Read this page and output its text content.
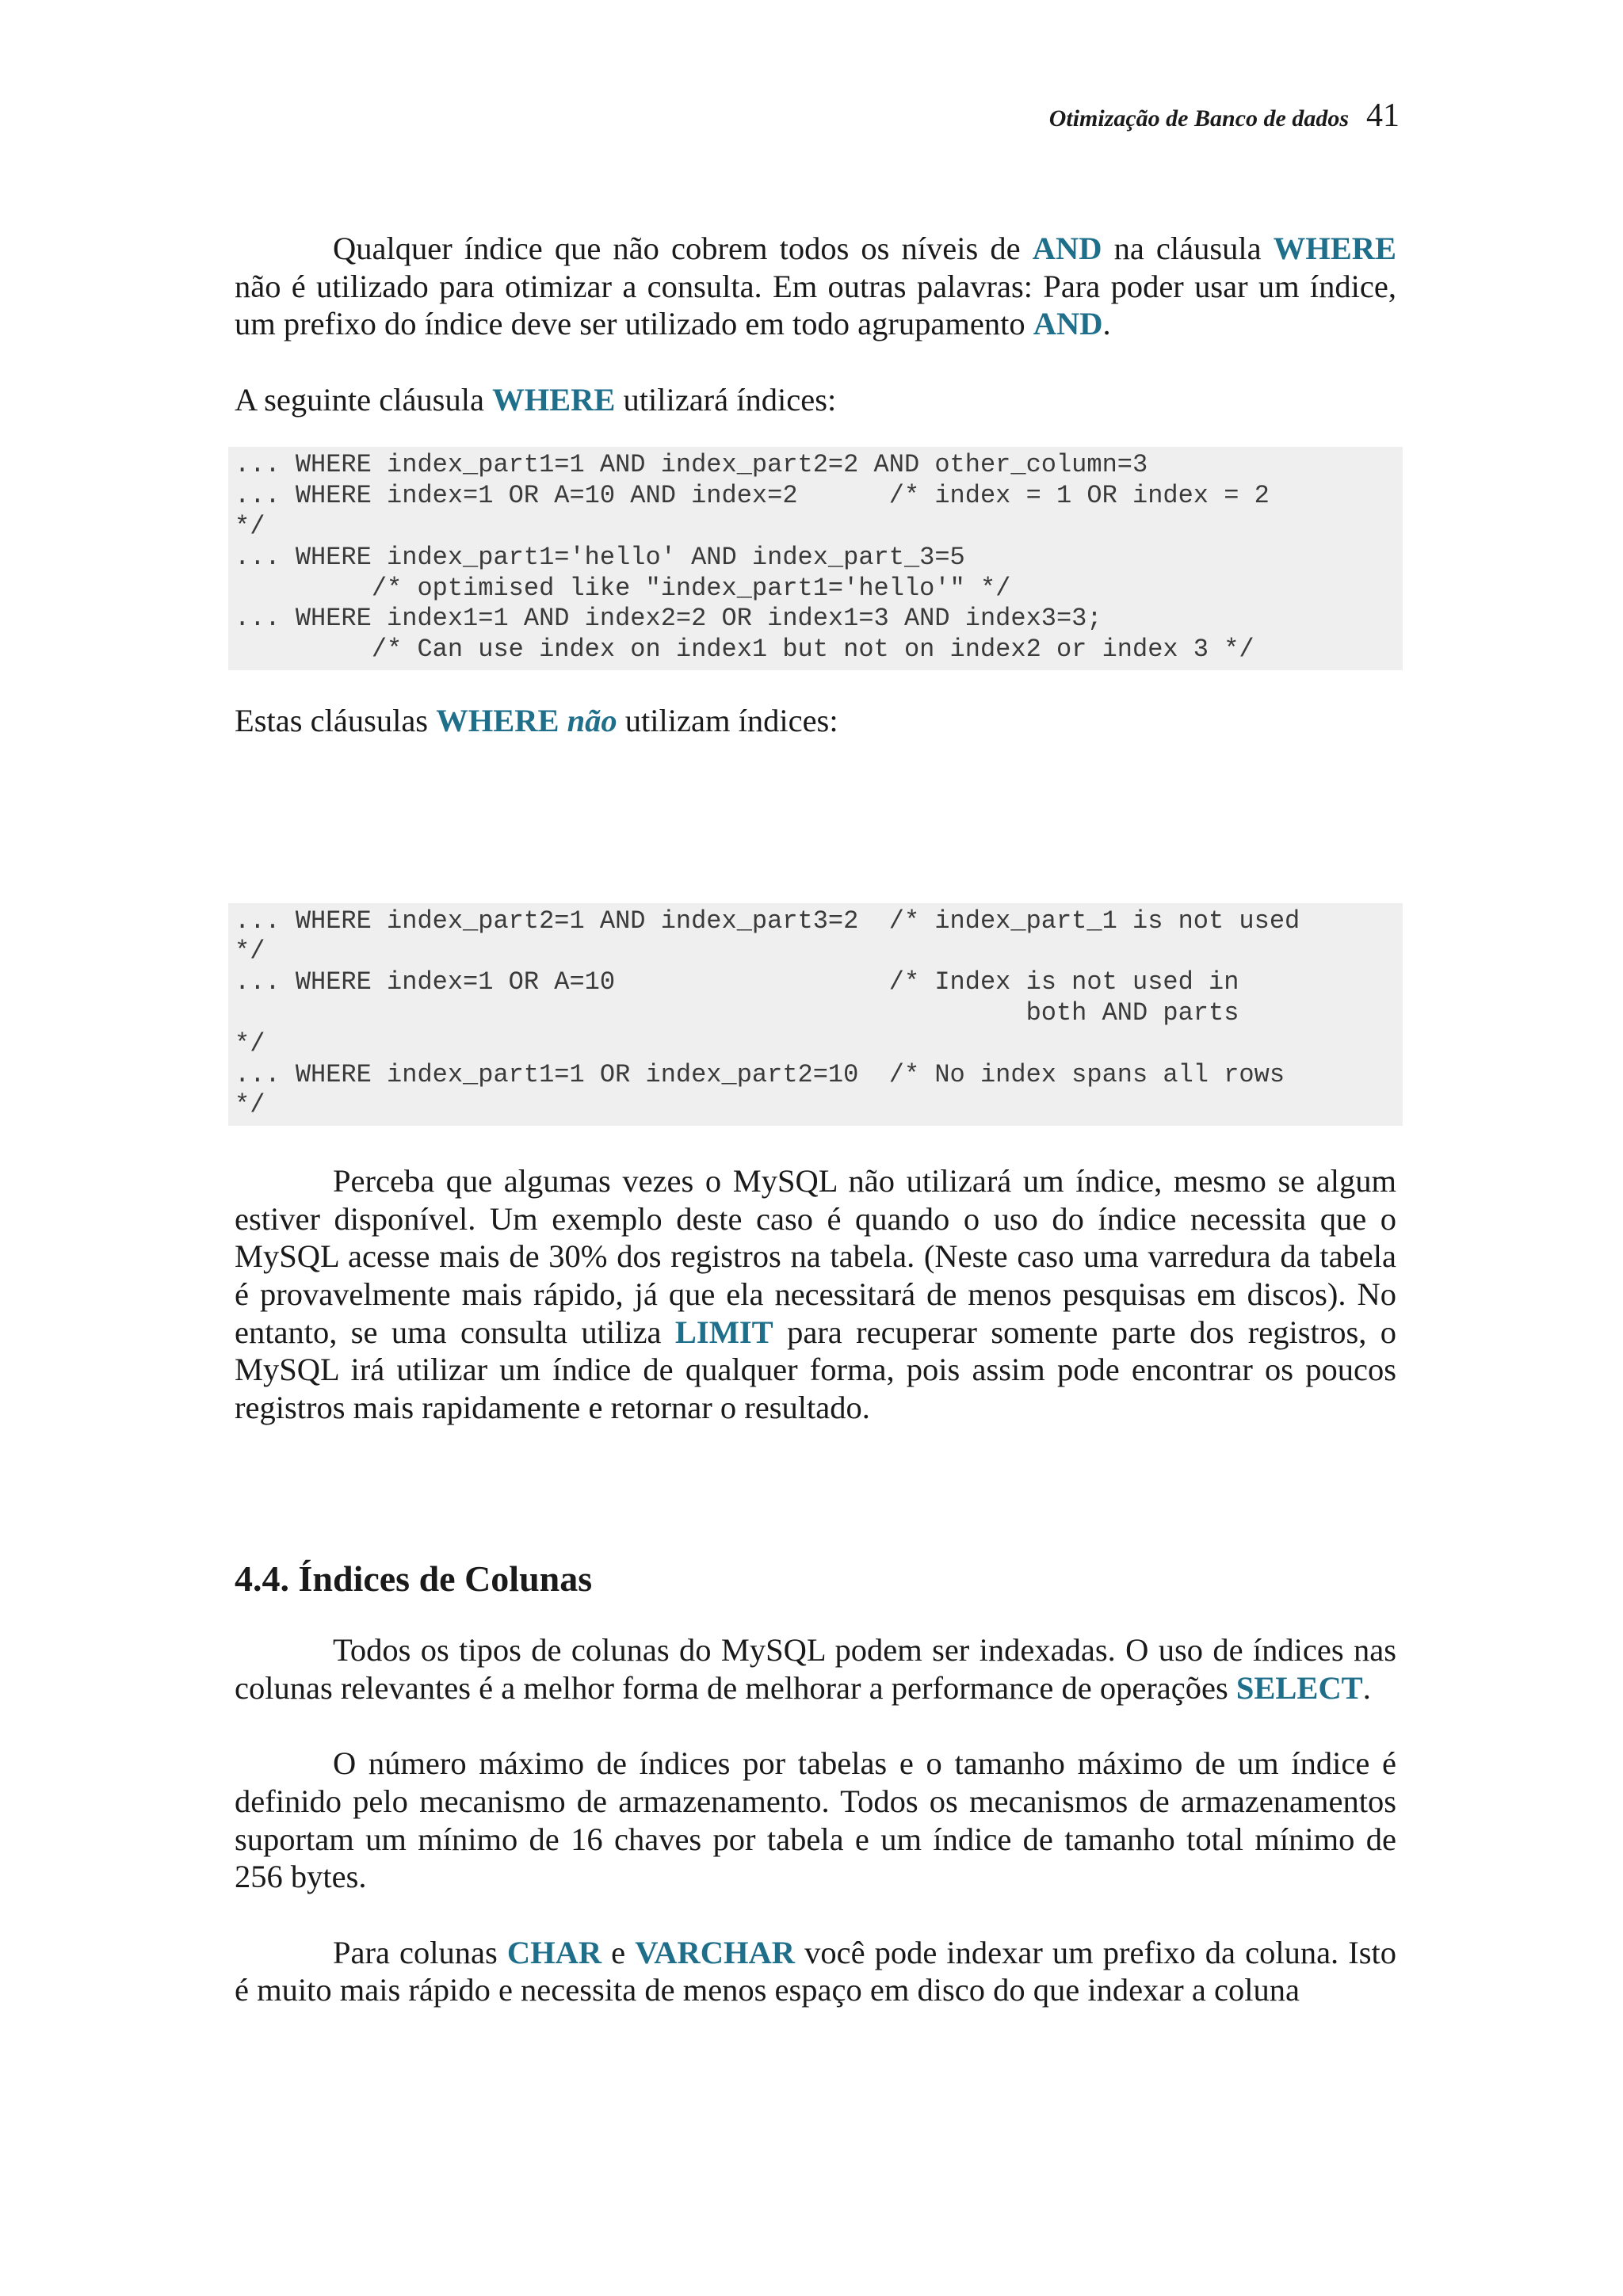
Otimização de Banco de dados 41

Qualquer índice que não cobrem todos os níveis de AND na cláusula WHERE não é utilizado para otimizar a consulta. Em outras palavras: Para poder usar um índice, um prefixo do índice deve ser utilizado em todo agrupamento AND.

A seguinte cláusula WHERE utilizará índices:

... WHERE index_part1=1 AND index_part2=2 AND other_column=3
... WHERE index=1 OR A=10 AND index=2      /* index = 1 OR index = 2
*/
... WHERE index_part1='hello' AND index_part_3=5
/* optimised like "index_part1='hello'" */
... WHERE index1=1 AND index2=2 OR index1=3 AND index3=3;
/* Can use index on index1 but not on index2 or index 3 */

Estas cláusulas WHERE não utilizam índices:

... WHERE index_part2=1 AND index_part3=2  /* index_part_1 is not used
*/
... WHERE index=1 OR A=10                  /* Index is not used in
both AND parts
*/
... WHERE index_part1=1 OR index_part2=10  /* No index spans all rows
*/

Perceba que algumas vezes o MySQL não utilizará um índice, mesmo se algum estiver disponível. Um exemplo deste caso é quando o uso do índice necessita que o MySQL acesse mais de 30% dos registros na tabela. (Neste caso uma varredura da tabela é provavelmente mais rápido, já que ela necessitará de menos pesquisas em discos). No entanto, se uma consulta utiliza LIMIT para recuperar somente parte dos registros, o MySQL irá utilizar um índice de qualquer forma, pois assim pode encontrar os poucos registros mais rapidamente e retornar o resultado.

4.4. Índices de Colunas

Todos os tipos de colunas do MySQL podem ser indexadas. O uso de índices nas colunas relevantes é a melhor forma de melhorar a performance de operações SELECT.

O número máximo de índices por tabelas e o tamanho máximo de um índice é definido pelo mecanismo de armazenamento. Todos os mecanismos de armazenamentos suportam um mínimo de 16 chaves por tabela e um índice de tamanho total mínimo de 256 bytes.

Para colunas CHAR e VARCHAR você pode indexar um prefixo da coluna. Isto é muito mais rápido e necessita de menos espaço em disco do que indexar a coluna
